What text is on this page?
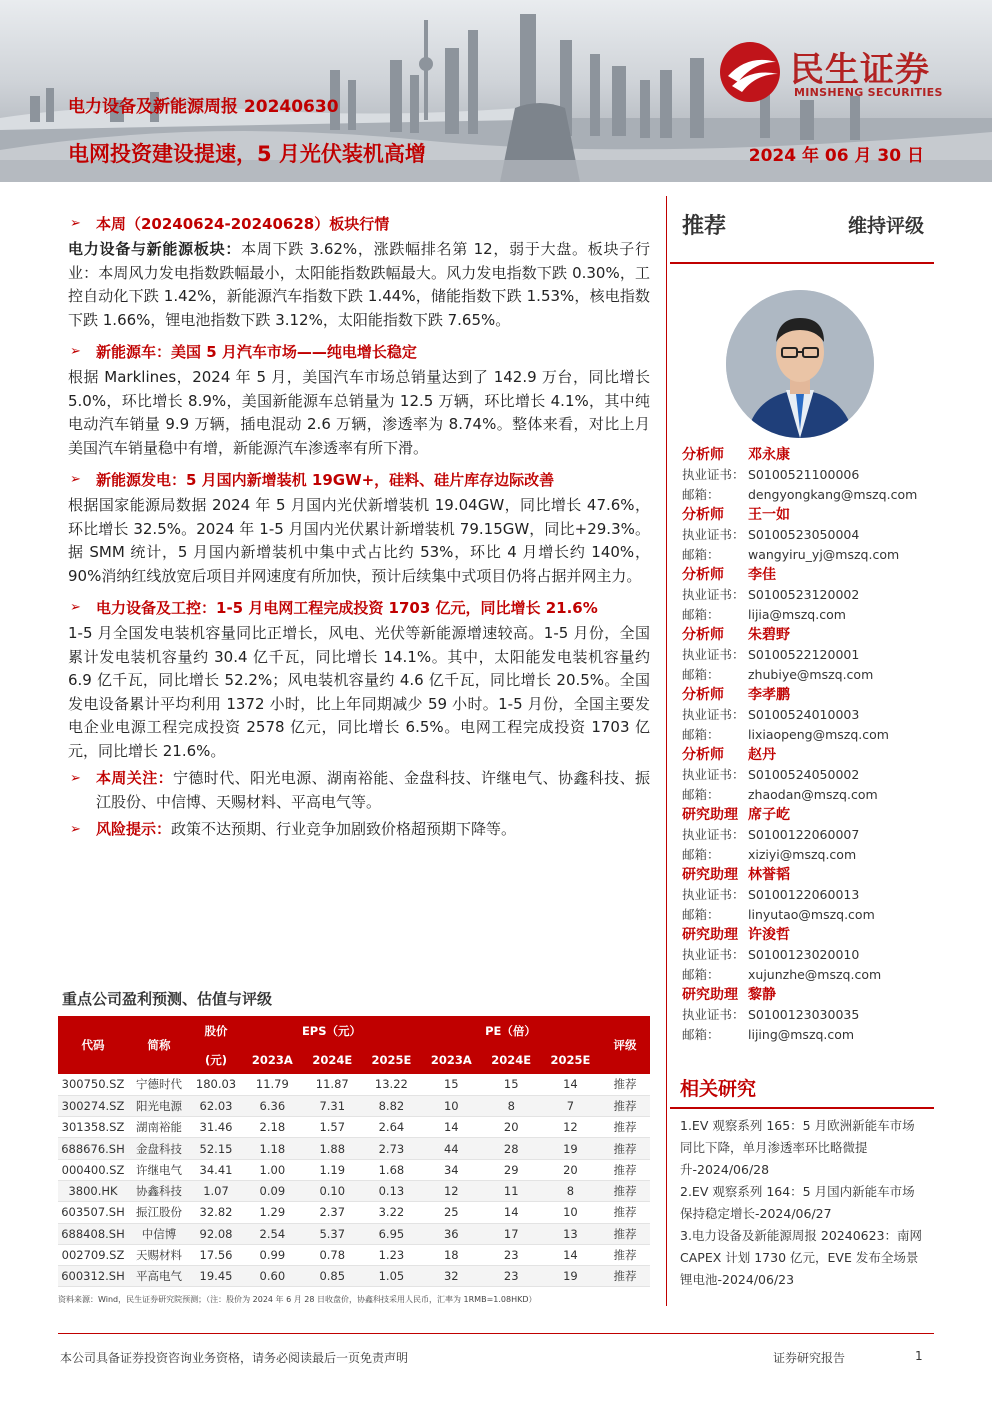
电力设备及新能源周报 20240630
电网投资建设提速，5 月光伏装机高增	2024 年 06 月 30 日
民生证券
MINSHENG SECURITIES
➢	本周（20240624-20240628）板块行情
电力设备与新能源板块：本周下跌 3.62%，涨跌幅排名第 12，弱于大盘。板块子行业：本周风力发电指数跌幅最小，太阳能指数跌幅最大。风力发电指数下跌 0.30%，工控自动化下跌 1.42%，新能源汽车指数下跌 1.44%，储能指数下跌 1.53%，核电指数下跌 1.66%，锂电池指数下跌 3.12%，太阳能指数下跌 7.65%。
➢	新能源车：美国 5 月汽车市场——纯电增长稳定
根据 Marklines，2024 年 5 月，美国汽车市场总销量达到了 142.9 万台，同比增长 5.0%，环比增长 8.9%，美国新能源车总销量为 12.5 万辆，环比增长 4.1%，其中纯电动汽车销量 9.9 万辆，插电混动 2.6 万辆，渗透率为 8.74%。整体来看，对比上月美国汽车销量稳中有增，新能源汽车渗透率有所下滑。
➢	新能源发电：5 月国内新增装机 19GW+，硅料、硅片库存边际改善
根据国家能源局数据 2024 年 5 月国内光伏新增装机 19.04GW，同比增长 47.6%，环比增长 32.5%。2024 年 1-5 月国内光伏累计新增装机 79.15GW，同比+29.3%。据 SMM 统计，5 月国内新增装机中集中式占比约 53%，环比 4 月增长约 140%，90%消纳红线放宽后项目并网速度有所加快，预计后续集中式项目仍将占据并网主力。
➢	电力设备及工控：1-5 月电网工程完成投资 1703 亿元，同比增长 21.6%
1-5 月全国发电装机容量同比正增长，风电、光伏等新能源增速较高。1-5 月份，全国累计发电装机容量约 30.4 亿千瓦，同比增长 14.1%。其中，太阳能发电装机容量约 6.9 亿千瓦，同比增长 52.2%；风电装机容量约 4.6 亿千瓦，同比增长 20.5%。全国发电设备累计平均利用 1372 小时，比上年同期减少 59 小时。1-5 月份，全国主要发电企业电源工程完成投资 2578 亿元，同比增长 6.5%。电网工程完成投资 1703 亿元，同比增长 21.6%。
➢	本周关注：宁德时代、阳光电源、湖南裕能、金盘科技、许继电气、协鑫科技、振江股份、中信博、天赐材料、平高电气等。
➢	风险提示：政策不达预期、行业竞争加剧致价格超预期下降等。
推荐	维持评级
分析师	邓永康
执业证书： S0100521100006
邮箱：	dengyongkang@mszq.com
分析师	王一如
执业证书： S0100523050004
邮箱：	wangyiru_yj@mszq.com
分析师	李佳
执业证书： S0100523120002
邮箱：	lijia@mszq.com
分析师	朱碧野
执业证书： S0100522120001
邮箱：	zhubiye@mszq.com
分析师	李孝鹏
执业证书： S0100524010003
邮箱：	lixiaopeng@mszq.com
分析师	赵丹
执业证书： S0100524050002
邮箱：	zhaodan@mszq.com
研究助理 席子屹
执业证书： S0100122060007
邮箱：	xiziyi@mszq.com
研究助理 林誉韬
执业证书： S0100122060013
邮箱：	linyutao@mszq.com
研究助理 许浚哲
执业证书： S0100123020010
邮箱：	xujunzhe@mszq.com
研究助理 黎静
执业证书： S0100123030035
邮箱：	lijing@mszq.com
相关研究
1.EV 观察系列 165：5 月欧洲新能车市场同比下降，单月渗透率环比略微提升-2024/06/28
2.EV 观察系列 164：5 月国内新能车市场保持稳定增长-2024/06/27
3.电力设备及新能源周报 20240623：南网 CAPEX 计划 1730 亿元，EVE 发布全场景锂电池-2024/06/23
重点公司盈利预测、估值与评级
代码	简称	股价	EPS（元）			PE（倍）			评级
		(元)	2023A	2024E	2025E	2023A	2024E	2025E	
300750.SZ	宁德时代	180.03	11.79	11.87	13.22	15	15	14	推荐
300274.SZ	阳光电源	62.03	6.36	7.31	8.82	10	8	7	推荐
301358.SZ	湖南裕能	31.46	2.18	1.57	2.64	14	20	12	推荐
688676.SH	金盘科技	52.15	1.18	1.88	2.73	44	28	19	推荐
000400.SZ	许继电气	34.41	1.00	1.19	1.68	34	29	20	推荐
3800.HK	协鑫科技	1.07	0.09	0.10	0.13	12	11	8	推荐
603507.SH	振江股份	32.82	1.29	2.37	3.22	25	14	10	推荐
688408.SH	中信博	92.08	2.54	5.37	6.95	36	17	13	推荐
002709.SZ	天赐材料	17.56	0.99	0.78	1.23	18	23	14	推荐
600312.SH	平高电气	19.45	0.60	0.85	1.05	32	23	19	推荐
资料来源：Wind，民生证券研究院预测；（注：股价为 2024 年 6 月 28 日收盘价，协鑫科技采用人民币，汇率为 1RMB=1.08HKD）
本公司具备证券投资咨询业务资格，请务必阅读最后一页免责声明	证券研究报告	1
